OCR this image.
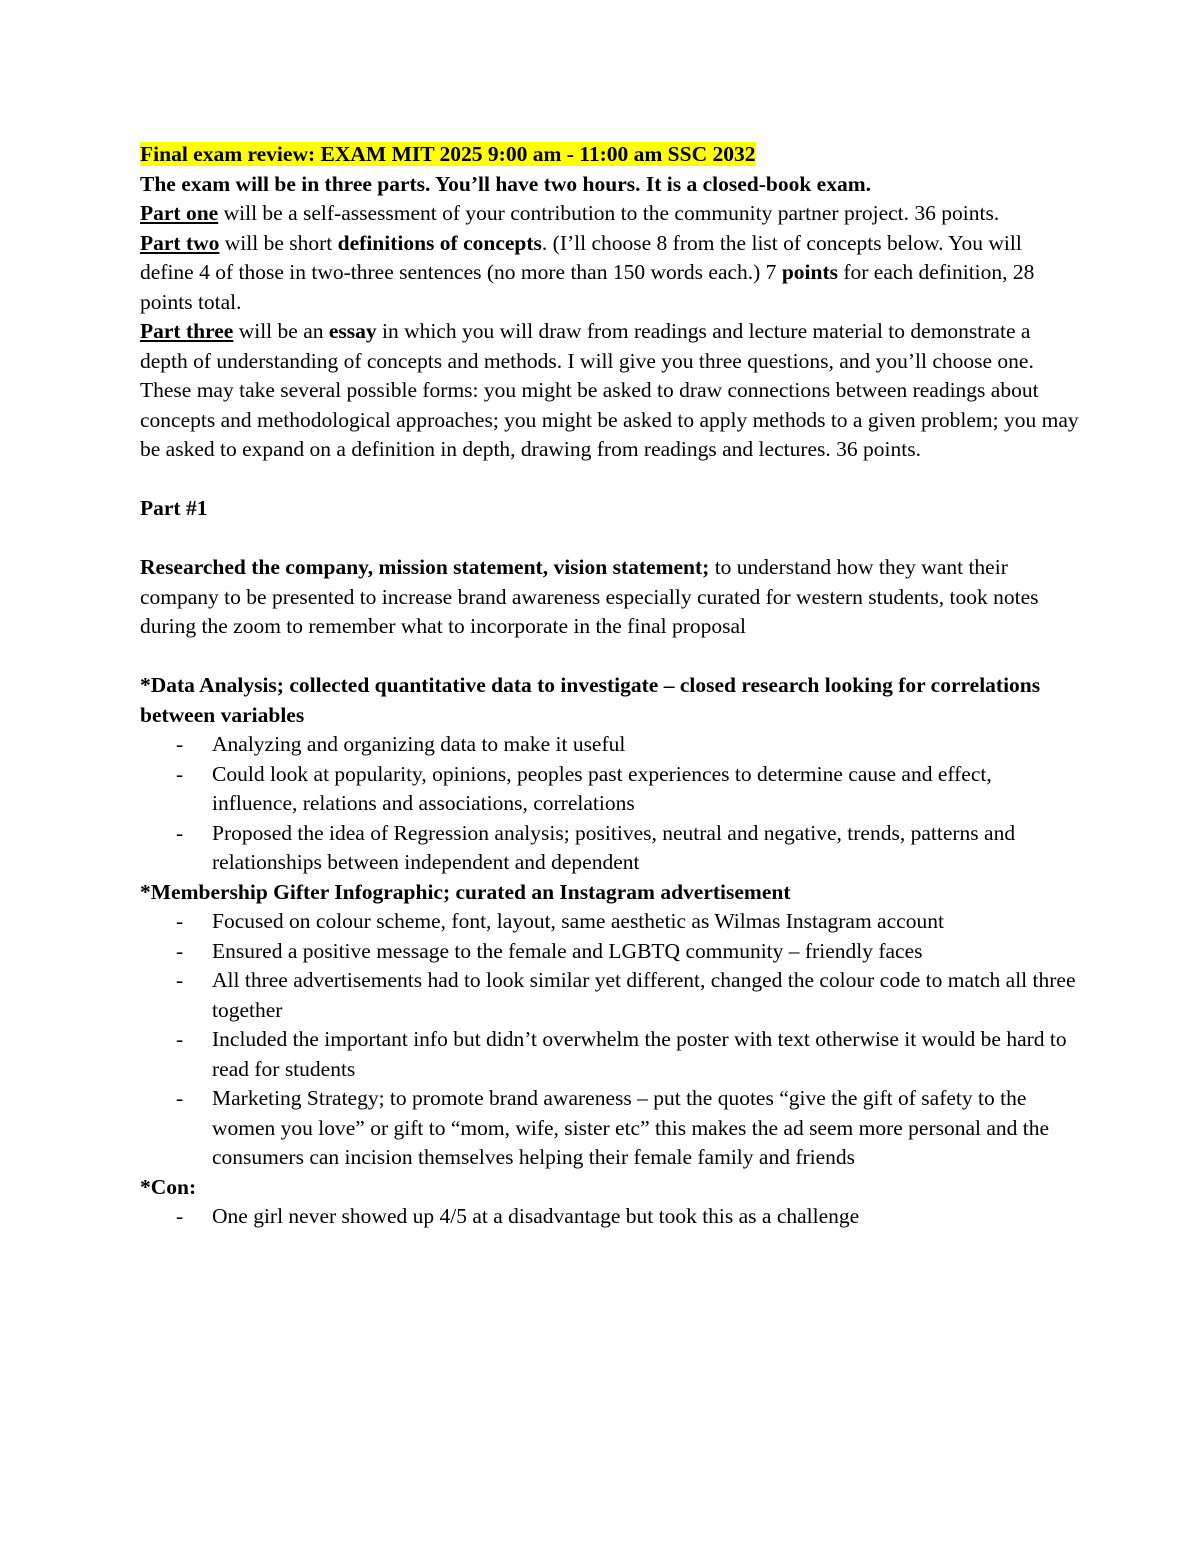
Final exam review: EXAM MIT 2025 9:00 am - 11:00 am SSC 2032

The exam will be in three parts. You’ll have two hours. It is a closed-book exam.

Part one will be a self-assessment of your contribution to the community partner project. 36 points.

Part two will be short definitions of concepts. (I’ll choose 8 from the list of concepts below. You will define 4 of those in two-three sentences (no more than 150 words each.) 7 points for each definition, 28 points total.

Part three will be an essay in which you will draw from readings and lecture material to demonstrate a depth of understanding of concepts and methods. I will give you three questions, and you’ll choose one. These may take several possible forms: you might be asked to draw connections between readings about concepts and methodological approaches; you might be asked to apply methods to a given problem; you may be asked to expand on a definition in depth, drawing from readings and lectures. 36 points.

Part #1

Researched the company, mission statement, vision statement; to understand how they want their company to be presented to increase brand awareness especially curated for western students, took notes during the zoom to remember what to incorporate in the final proposal

*Data Analysis; collected quantitative data to investigate – closed research looking for correlations between variables

- Analyzing and organizing data to make it useful
- Could look at popularity, opinions, peoples past experiences to determine cause and effect, influence, relations and associations, correlations
- Proposed the idea of Regression analysis; positives, neutral and negative, trends, patterns and relationships between independent and dependent

*Membership Gifter Infographic; curated an Instagram advertisement

- Focused on colour scheme, font, layout, same aesthetic as Wilmas Instagram account
- Ensured a positive message to the female and LGBTQ community – friendly faces
- All three advertisements had to look similar yet different, changed the colour code to match all three together
- Included the important info but didn’t overwhelm the poster with text otherwise it would be hard to read for students
- Marketing Strategy; to promote brand awareness – put the quotes “give the gift of safety to the women you love” or gift to “mom, wife, sister etc” this makes the ad seem more personal and the consumers can incision themselves helping their female family and friends

*Con:

- One girl never showed up 4/5 at a disadvantage but took this as a challenge
